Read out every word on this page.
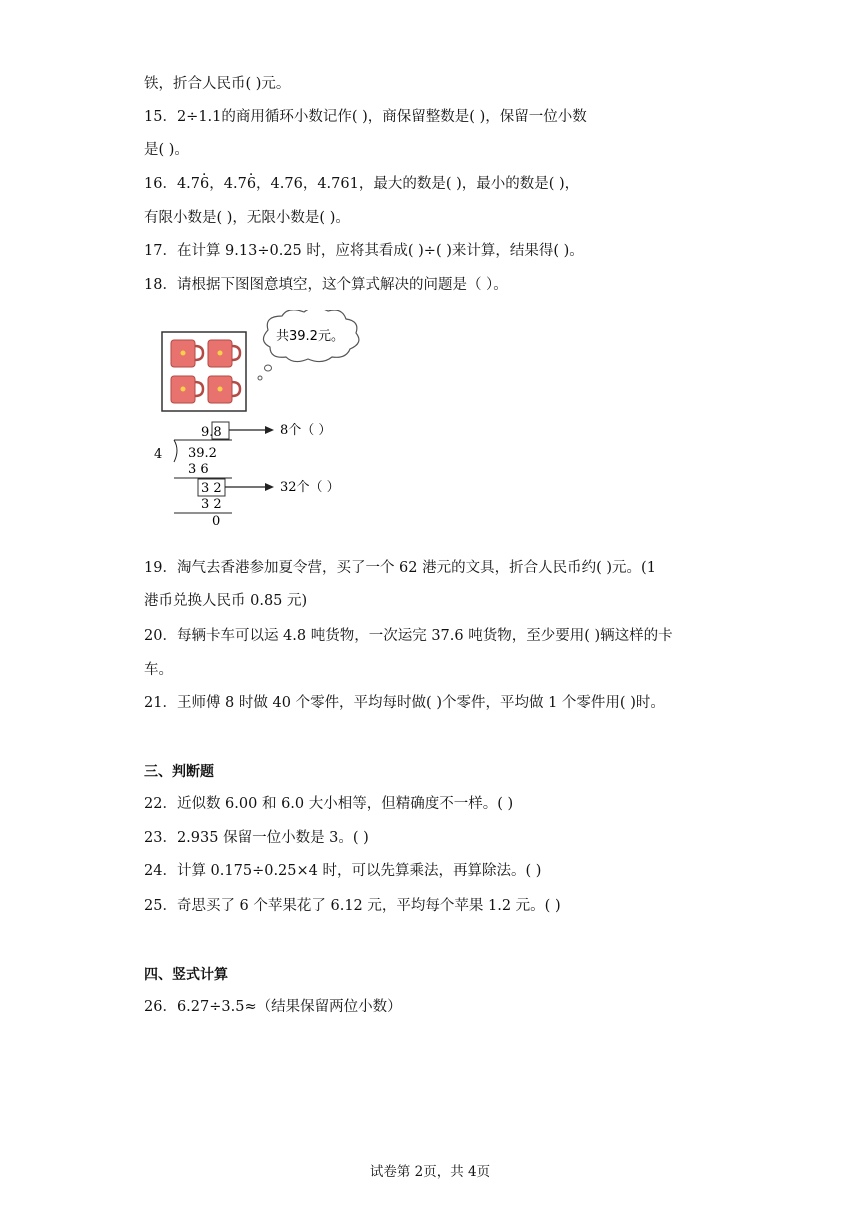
铁，折合人民币( )元。
15．2÷1.1的商用循环小数记作( )，商保留整数是( )，保留一位小数
是( )。
16．4.76 ·，4.76 ·，4.76，4.761，最大的数是( )，最小的数是( )，
有限小数是( )，无限小数是( )。
17．在计算 9.13÷0.25 时，应将其看成( )÷( )来计算，结果得( )。
18．请根据下图图意填空，这个算式解决的问题是（ ）。
共39.2元。
9.8	8个（ ）
4 39.2
3 6
3 2	32个（ ）
3 2
0
19．淘气去香港参加夏令营，买了一个 62 港元的文具，折合人民币约( )元。(1
港币兑换人民币 0.85 元)
20．每辆卡车可以运 4.8 吨货物，一次运完 37.6 吨货物，至少要用( )辆这样的卡
车。
21．王师傅 8 时做 40 个零件，平均每时做( )个零件，平均做 1 个零件用( )时。
三、判断题
22．近似数 6.00 和 6.0 大小相等，但精确度不一样。( )
23．2.935 保留一位小数是 3。( )
24．计算 0.175÷0.25×4 时，可以先算乘法，再算除法。( )
25．奇思买了 6 个苹果花了 6.12 元，平均每个苹果 1.2 元。( )
四、竖式计算
26．6.27÷3.5≈（结果保留两位小数）
试卷第 2页，共 4页
